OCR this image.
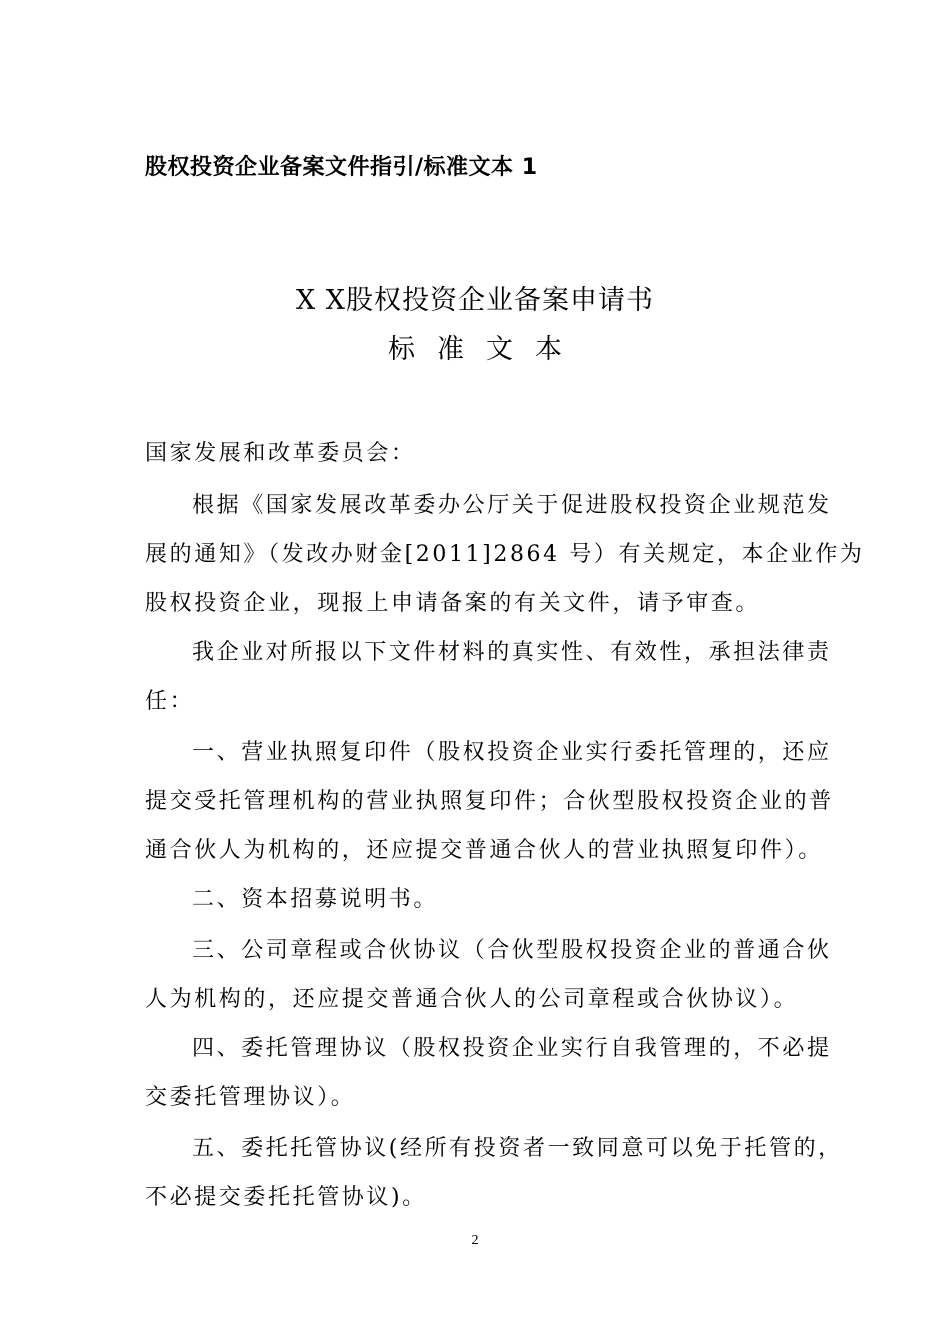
股权投资企业备案文件指引/标准文本 1
X X股权投资企业备案申请书
标准文本
国家发展和改革委员会：
根据《国家发展改革委办公厅关于促进股权投资企业规范发
展的通知》（发改办财金[2011]2864 号）有关规定，本企业作为
股权投资企业，现报上申请备案的有关文件，请予审查。
我企业对所报以下文件材料的真实性、有效性，承担法律责
任：
一、营业执照复印件（股权投资企业实行委托管理的，还应
提交受托管理机构的营业执照复印件；合伙型股权投资企业的普
通合伙人为机构的，还应提交普通合伙人的营业执照复印件）。
二、资本招募说明书。
三、公司章程或合伙协议（合伙型股权投资企业的普通合伙
人为机构的，还应提交普通合伙人的公司章程或合伙协议）。
四、委托管理协议（股权投资企业实行自我管理的，不必提
交委托管理协议）。
五、委托托管协议(经所有投资者一致同意可以免于托管的，
不必提交委托托管协议)。
2
